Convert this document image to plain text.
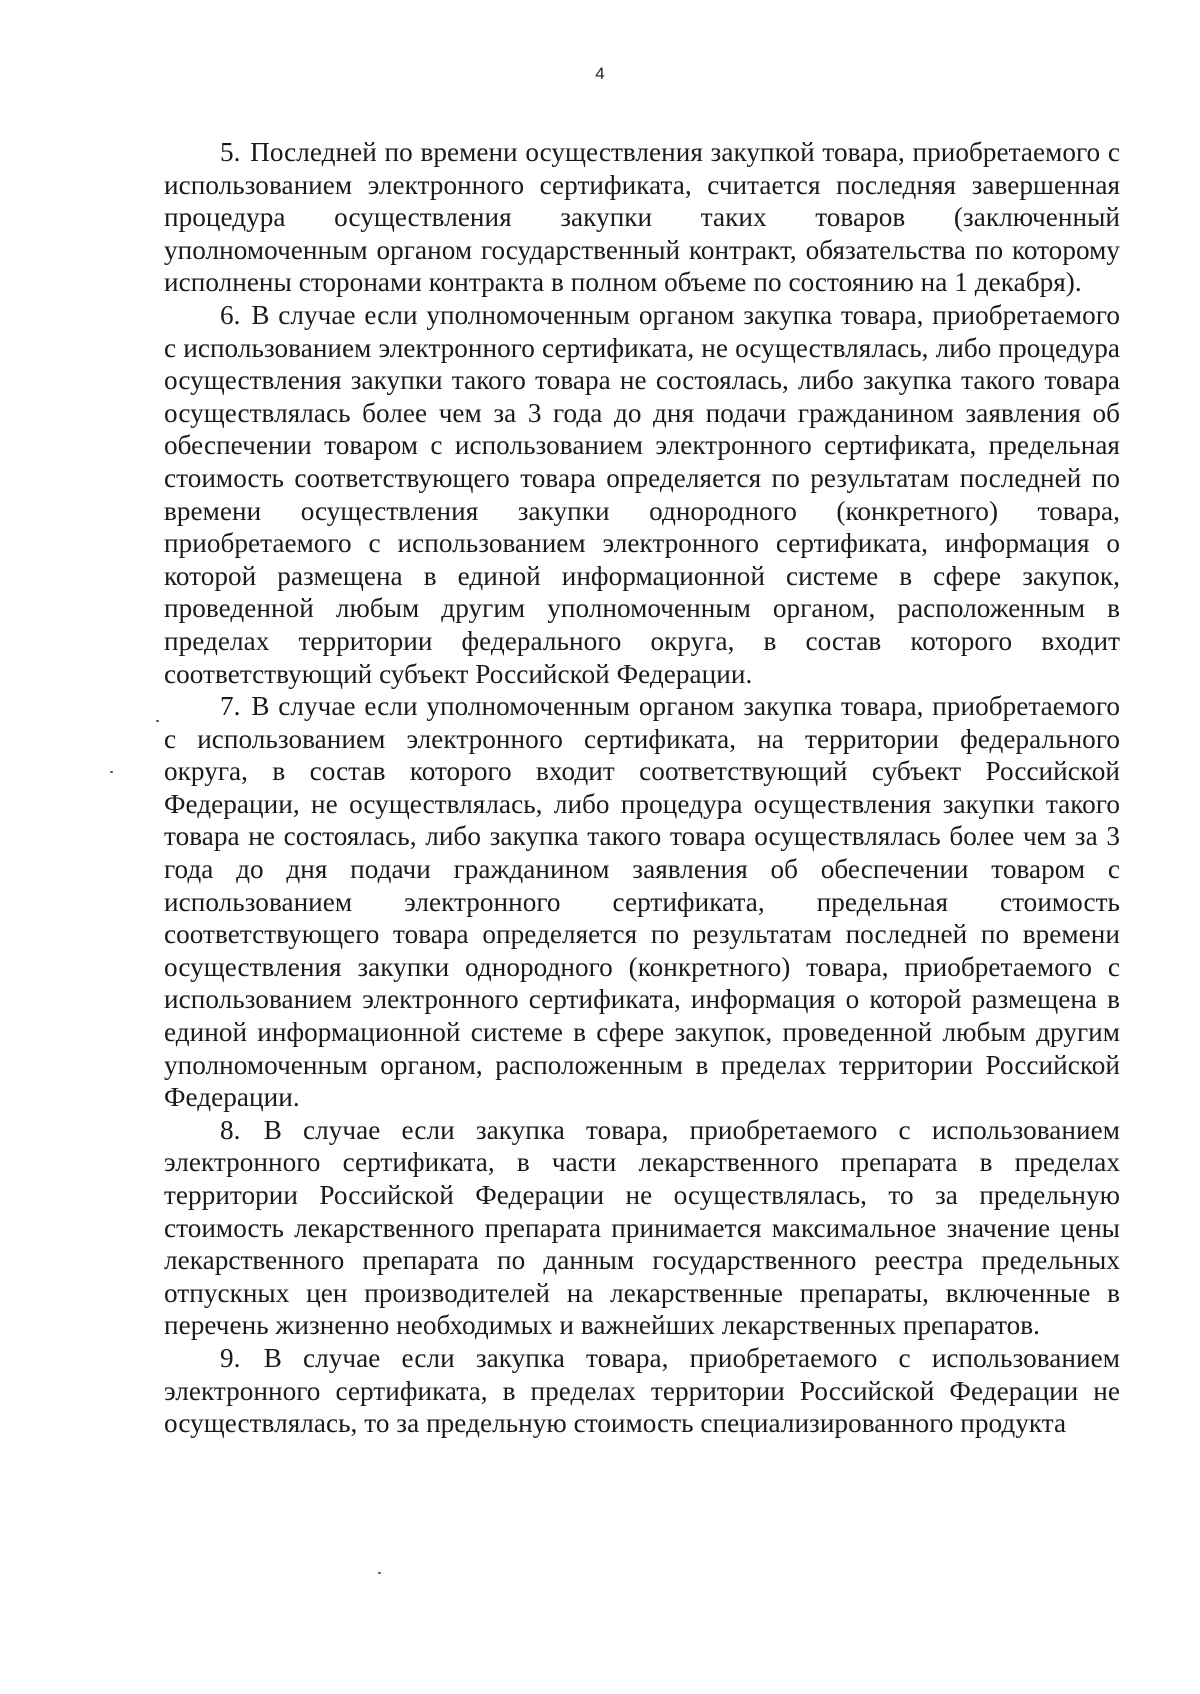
4

5. Последней по времени осуществления закупкой товара, приобретаемого с использованием электронного сертификата, считается последняя завершенная процедура осуществления закупки таких товаров (заключенный уполномоченным органом государственный контракт, обязательства по которому исполнены сторонами контракта в полном объеме по состоянию на 1 декабря).

6. В случае если уполномоченным органом закупка товара, приобретаемого с использованием электронного сертификата, не осуществлялась, либо процедура осуществления закупки такого товара не состоялась, либо закупка такого товара осуществлялась более чем за 3 года до дня подачи гражданином заявления об обеспечении товаром с использованием электронного сертификата, предельная стоимость соответствующего товара определяется по результатам последней по времени осуществления закупки однородного (конкретного) товара, приобретаемого с использованием электронного сертификата, информация о которой размещена в единой информационной системе в сфере закупок, проведенной любым другим уполномоченным органом, расположенным в пределах территории федерального округа, в состав которого входит соответствующий субъект Российской Федерации.

7. В случае если уполномоченным органом закупка товара, приобретаемого с использованием электронного сертификата, на территории федерального округа, в состав которого входит соответствующий субъект Российской Федерации, не осуществлялась, либо процедура осуществления закупки такого товара не состоялась, либо закупка такого товара осуществлялась более чем за 3 года до дня подачи гражданином заявления об обеспечении товаром с использованием электронного сертификата, предельная стоимость соответствующего товара определяется по результатам последней по времени осуществления закупки однородного (конкретного) товара, приобретаемого с использованием электронного сертификата, информация о которой размещена в единой информационной системе в сфере закупок, проведенной любым другим уполномоченным органом, расположенным в пределах территории Российской Федерации.

8. В случае если закупка товара, приобретаемого с использованием электронного сертификата, в части лекарственного препарата в пределах территории Российской Федерации не осуществлялась, то за предельную стоимость лекарственного препарата принимается максимальное значение цены лекарственного препарата по данным государственного реестра предельных отпускных цен производителей на лекарственные препараты, включенные в перечень жизненно необходимых и важнейших лекарственных препаратов.

9. В случае если закупка товара, приобретаемого с использованием электронного сертификата, в пределах территории Российской Федерации не осуществлялась, то за предельную стоимость специализированного продукта
